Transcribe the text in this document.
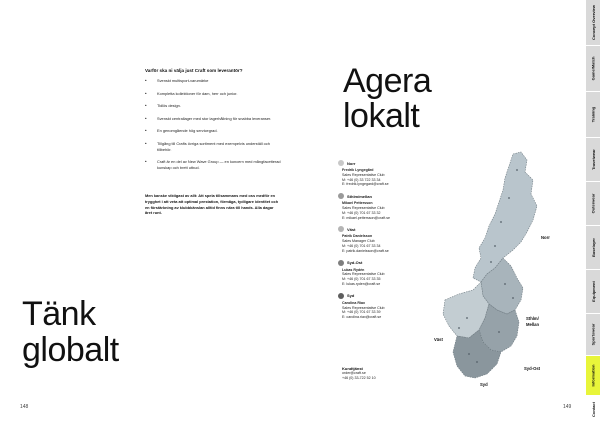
Tänk
globalt
Varför ska ni välja just Craft som leverantör?
• Svenskt multisport-varumärke
• Kompletta kollektioner för dam, herr och junior.
• Tidlös design.
• Svenskt centrallager med stor lagerhållning för snabba leveranser.
• En genomgående hög servicegrad.
• Tillgång till Crafts övriga sortiment med exempelvis underställ och tillbehör.
• Craft är en del av New Wave Group — en koncern med mångfacetterad kunskap och brett utbud.
Men kanske viktigast av allt: Att spela tillsammans med oss medför en trygghet i att veta att optimal prestation, förmåga, tydligare identitet och en förstärkning av klubbkänslan alltid finns nära till hands. Alla dagar året runt.
148
Agera
lokalt
Norr
Fredrik Lyngegård
Sales Representative Club
M: +46 (0) 33 722 33 34
E: fredrik.lyngegard@craft.se
Sthlm/mellan
Mikael Pettersson
Sales Representative Club
M: +46 (0) 701 67 33 32
E: mikael.pettersson@craft.se
Väst
Patrik Danielsson
Sales Manager Club
M: +46 (0) 701 67 33 34
E: patrik.danielsson@craft.se
Syd-Ost
Lukas Rydén
Sales Representative Club
M: +46 (0) 701 67 33 35
E: lukas.ryden@craft.se
Syd
Carolina Riax
Sales Representative Club
M: +46 (0) 701 67 33 39
E: carolina.riax@craft.se
Kundtjänst
order@craft.se
+46 (0) 33-722 52 10
Norr
Sthlm/
Mellan
Väst
Syd-Ost
Syd
149
Concept Overview
Game/Match
Training
Travelwear
Outerwear
Baselayer
Equipment
Sportswear
Information
Contact
